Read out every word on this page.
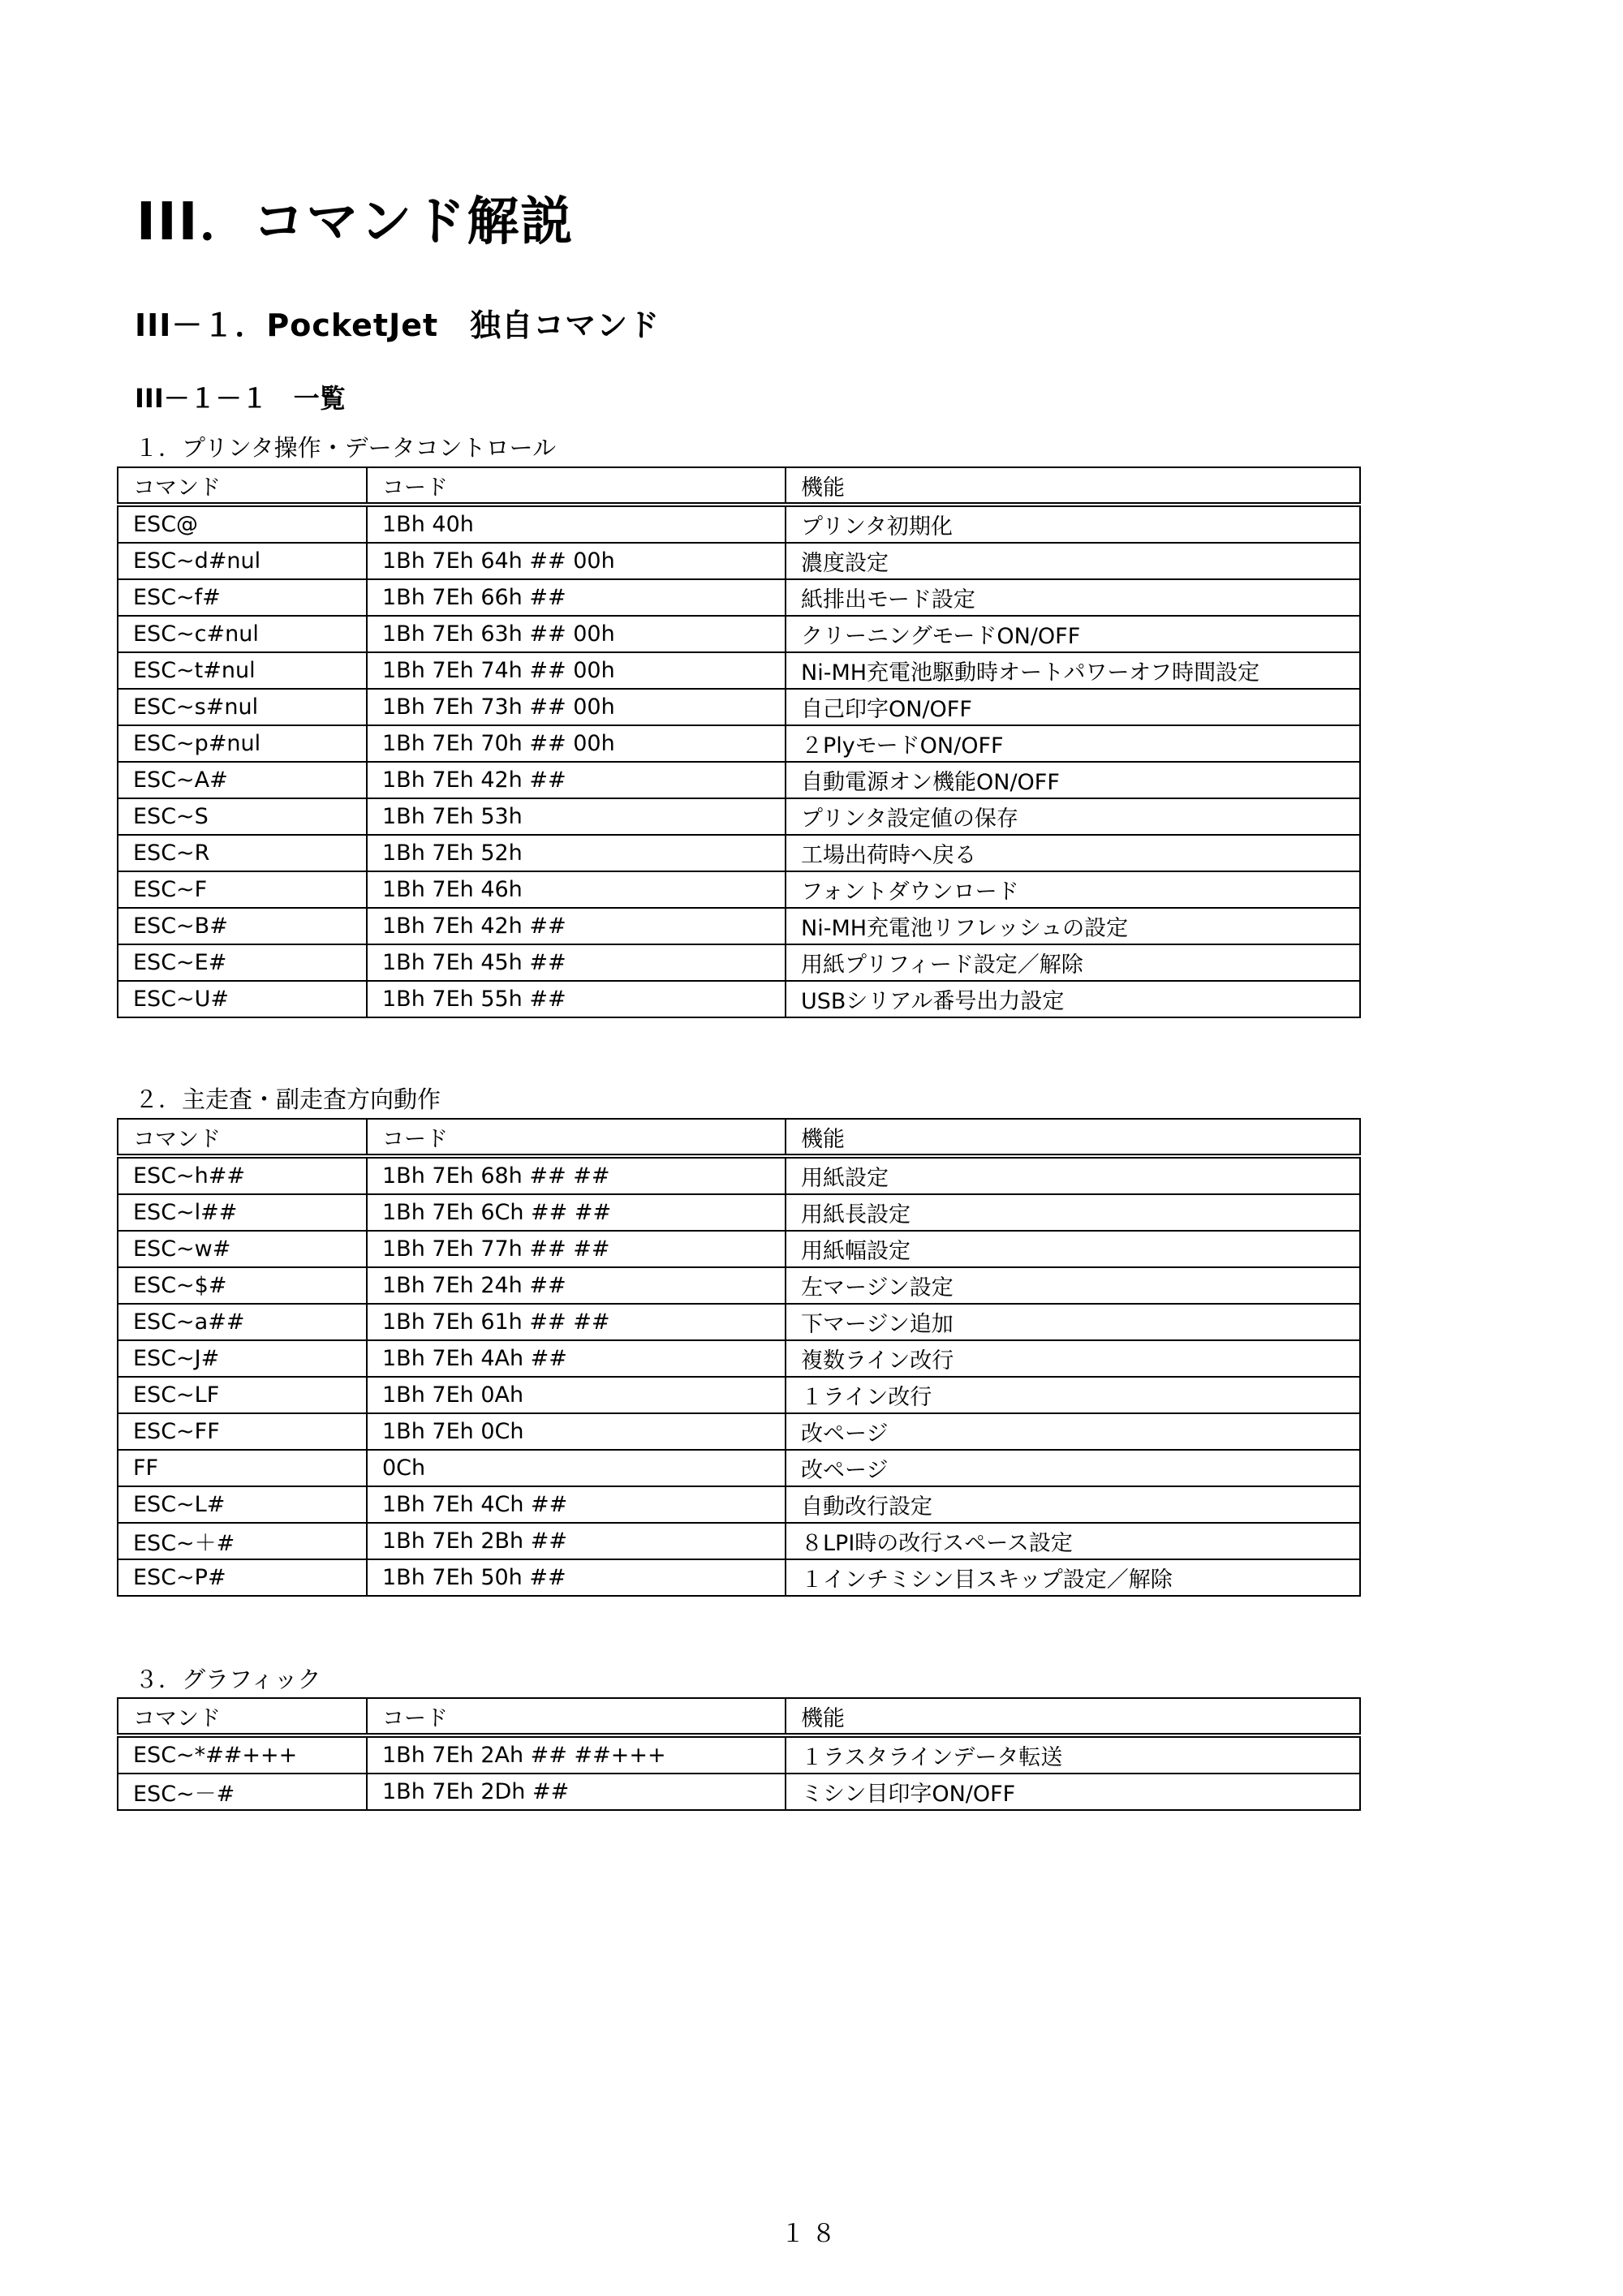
III．コマンド解説
III－１．PocketJet　独自コマンド
III－１－１　一覧

１．プリンタ操作・データコントロール

コマンド	コード	機能
ESC@	1Bh 40h	プリンタ初期化
ESC~d#nul	1Bh 7Eh 64h ## 00h	濃度設定
ESC~f#	1Bh 7Eh 66h ##	紙排出モード設定
ESC~c#nul	1Bh 7Eh 63h ## 00h	クリーニングモードON/OFF
ESC~t#nul	1Bh 7Eh 74h ## 00h	Ni-MH充電池駆動時オートパワーオフ時間設定
ESC~s#nul	1Bh 7Eh 73h ## 00h	自己印字ON/OFF
ESC~p#nul	1Bh 7Eh 70h ## 00h	２PlyモードON/OFF
ESC~A#	1Bh 7Eh 42h ##	自動電源オン機能ON/OFF
ESC~S	1Bh 7Eh 53h	プリンタ設定値の保存
ESC~R	1Bh 7Eh 52h	工場出荷時へ戻る
ESC~F	1Bh 7Eh 46h	フォントダウンロード
ESC~B#	1Bh 7Eh 42h ##	Ni-MH充電池リフレッシュの設定
ESC~E#	1Bh 7Eh 45h ##	用紙プリフィード設定／解除
ESC~U#	1Bh 7Eh 55h ##	USBシリアル番号出力設定

２．主走査・副走査方向動作

コマンド	コード	機能
ESC~h##	1Bh 7Eh 68h ## ##	用紙設定
ESC~l##	1Bh 7Eh 6Ch ## ##	用紙長設定
ESC~w#	1Bh 7Eh 77h ## ##	用紙幅設定
ESC~$#	1Bh 7Eh 24h ##	左マージン設定
ESC~a##	1Bh 7Eh 61h ## ##	下マージン追加
ESC~J#	1Bh 7Eh 4Ah ##	複数ライン改行
ESC~LF	1Bh 7Eh 0Ah	１ライン改行
ESC~FF	1Bh 7Eh 0Ch	改ページ
FF	0Ch	改ページ
ESC~L#	1Bh 7Eh 4Ch ##	自動改行設定
ESC~＋#	1Bh 7Eh 2Bh ##	８LPI時の改行スペース設定
ESC~P#	1Bh 7Eh 50h ##	１インチミシン目スキップ設定／解除

３．グラフィック

コマンド	コード	機能
ESC~*##+++	1Bh 7Eh 2Ah ## ##+++	１ラスタラインデータ転送
ESC~－#	1Bh 7Eh 2Dh ##	ミシン目印字ON/OFF
１８
